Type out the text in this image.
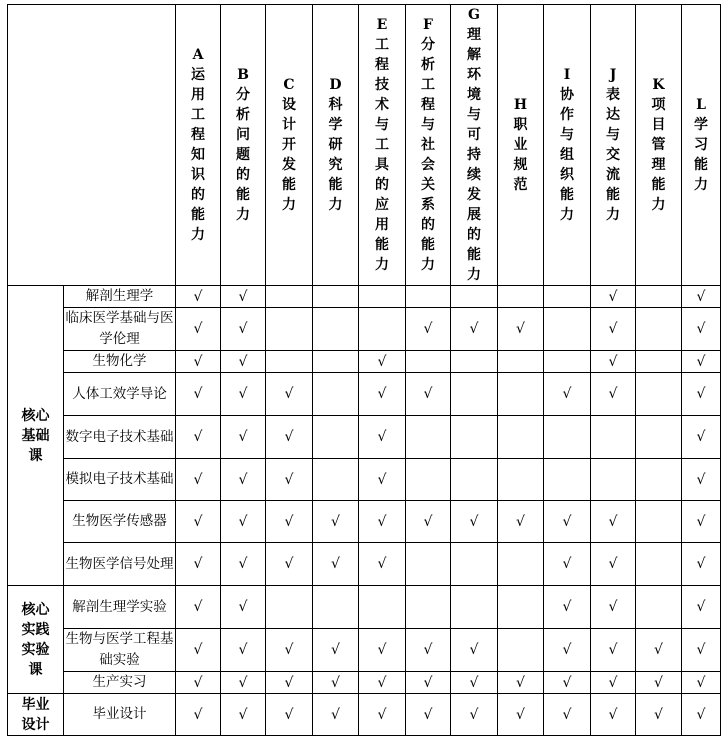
		A运用工程知识的能力	B分析问题的能力	C设计开发能力	D科学研究能力	E工程技术与工具的应用能力	F分析工程与社会关系的能力	G理解环境与可持续发展的能力	H职业规范	I协作与组织能力	J表达与交流能力	K项目管理能力	L学习能力

核心基础课	解剖生理学	√	√								√		√
	临床医学基础与医学伦理	√	√				√	√	√		√		√
	生物化学	√	√			√					√		√
	人体工效学导论	√	√	√		√	√			√	√		√
	数字电子技术基础	√	√	√		√							√
	模拟电子技术基础	√	√	√		√							√
	生物医学传感器	√	√	√	√	√	√	√	√	√	√		√
	生物医学信号处理	√	√	√	√	√				√	√		√

核心实践实验课	解剖生理学实验	√	√							√	√		√
	生物与医学工程基础实验	√	√	√	√	√	√	√		√	√	√	√
	生产实习	√	√	√	√	√	√	√	√	√	√	√	√

毕业设计	毕业设计	√	√	√	√	√	√	√	√	√	√	√	√
